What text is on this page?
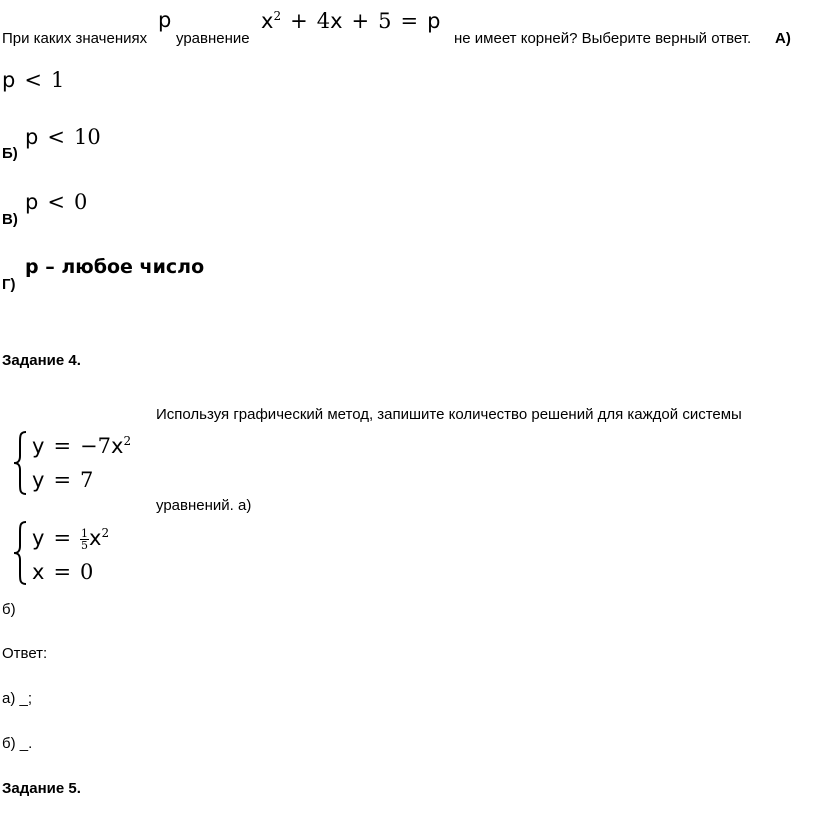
При каких значениях
p
уравнение
$x^2 + 4x + 5 = p$
не имеет корней? Выберите верный ответ. А)
p < 1
Б)
p < 10
В)
p < 0
Г)
p – любое число
Задание 4.
Используя графический метод, запишите количество решений для каждой системы
$y = -7x^2$
y = 7
уравнений. а)
$y = \frac{1}{5} x^2$
x = 0
б)
Ответ:
а) _;
б) _.
Задание 5.
